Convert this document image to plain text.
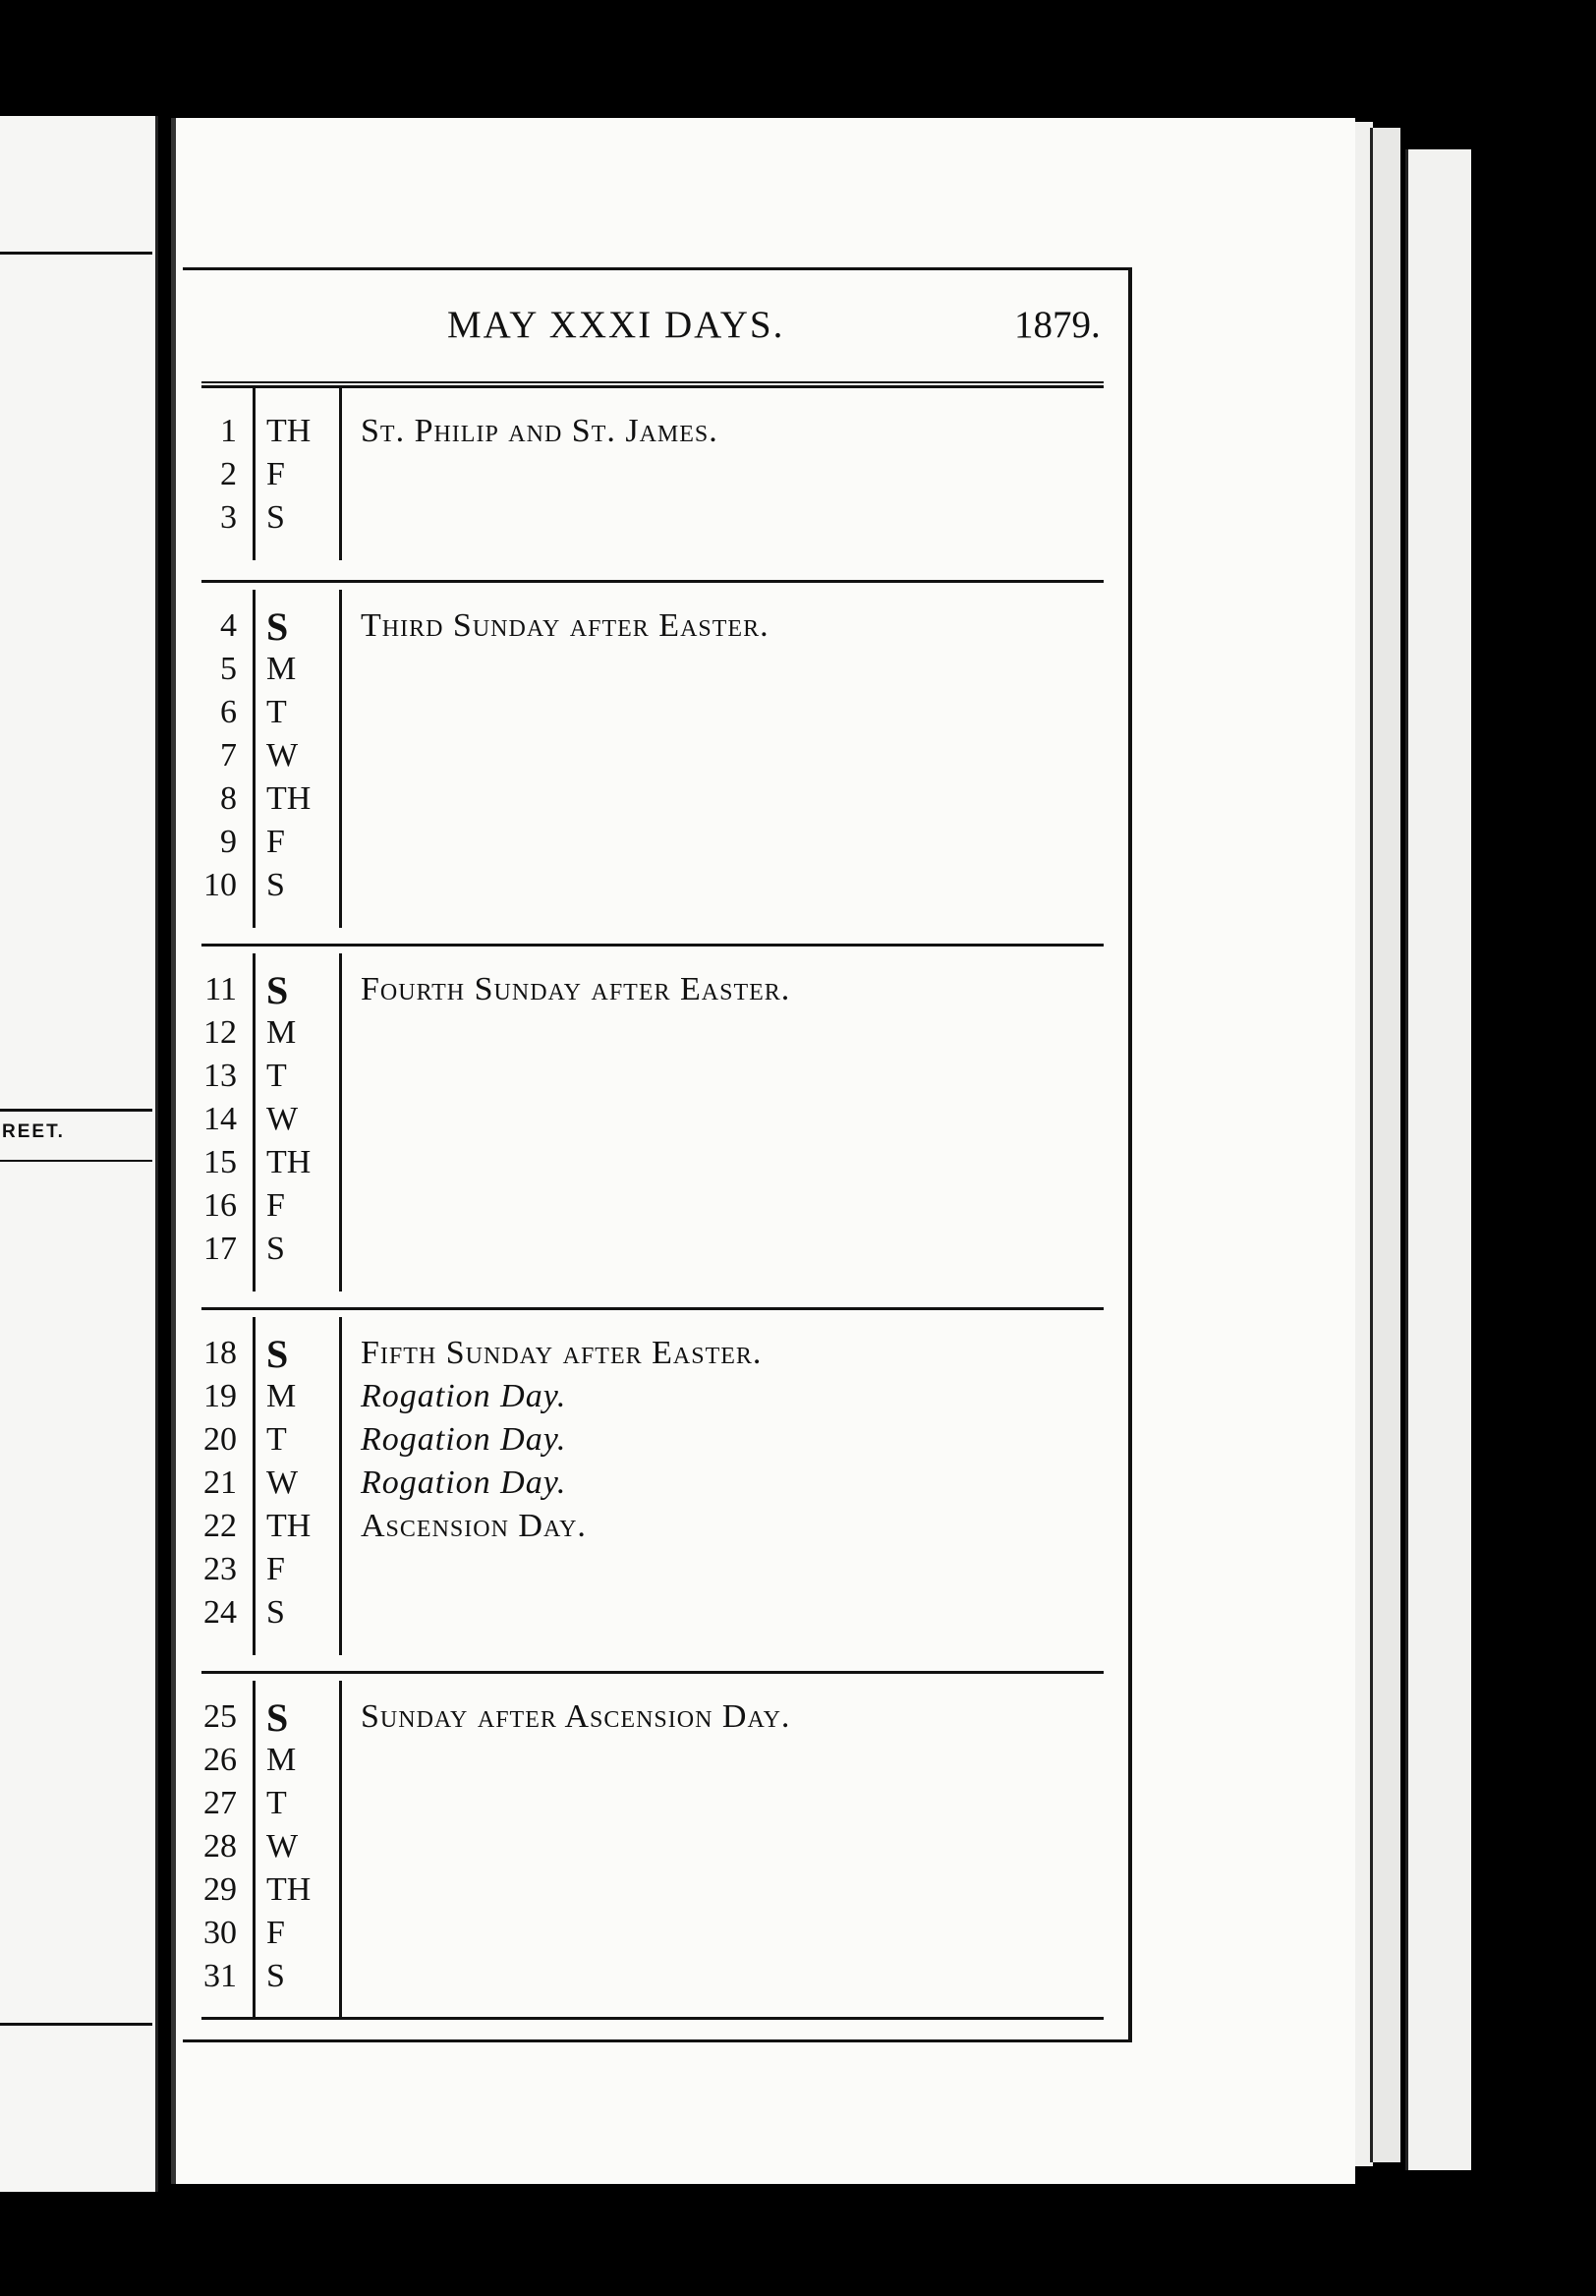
REET.
MAY XXXI DAYS.	1879.
1 TH St. Philip and St. James.
2 F
3 S
4 S Third Sunday after Easter.
5 M
6 T
7 W
8 TH
9 F
10 S
11 S Fourth Sunday after Easter.
12 M
13 T
14 W
15 TH
16 F
17 S
18 S Fifth Sunday after Easter.
19 M Rogation Day.
20 T Rogation Day.
21 W Rogation Day.
22 TH Ascension Day.
23 F
24 S
25 S Sunday after Ascension Day.
26 M
27 T
28 W
29 TH
30 F
31 S
